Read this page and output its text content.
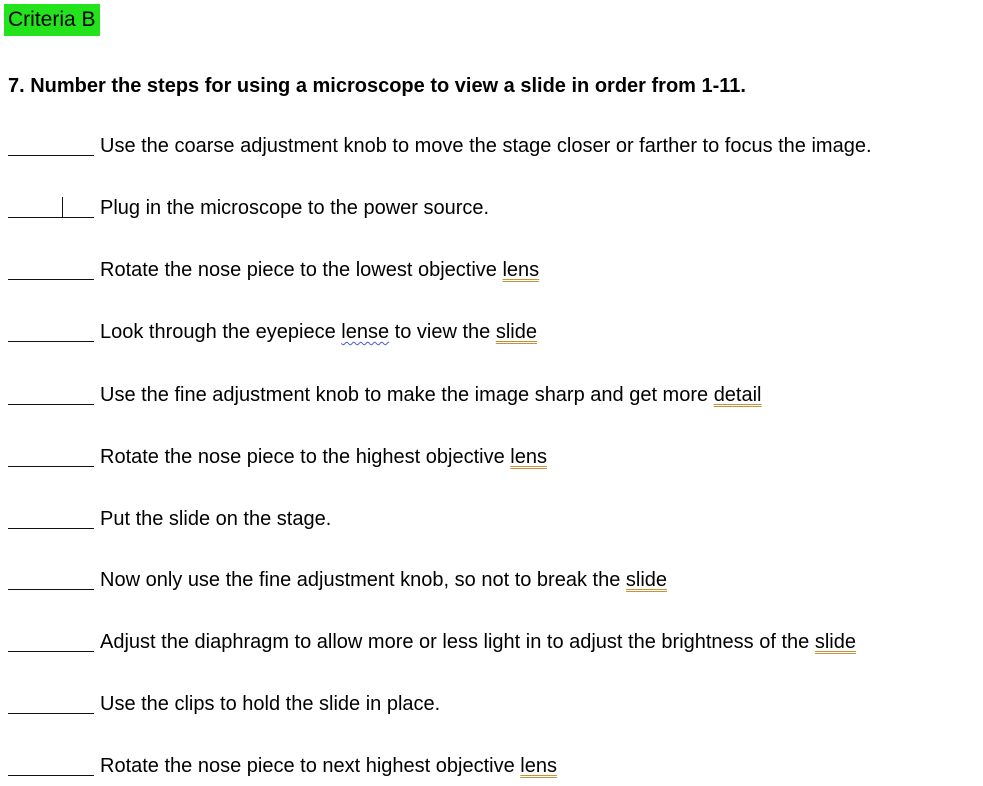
Criteria B
7. Number the steps for using a microscope to view a slide in order from 1-11.
Use the coarse adjustment knob to move the stage closer or farther to focus the image.
Plug in the microscope to the power source.
Rotate the nose piece to the lowest objective lens
Look through the eyepiece lense to view the slide
Use the fine adjustment knob to make the image sharp and get more detail
Rotate the nose piece to the highest objective lens
Put the slide on the stage.
Now only use the fine adjustment knob, so not to break the slide
Adjust the diaphragm to allow more or less light in to adjust the brightness of the slide
Use the clips to hold the slide in place.
Rotate the nose piece to next highest objective lens
